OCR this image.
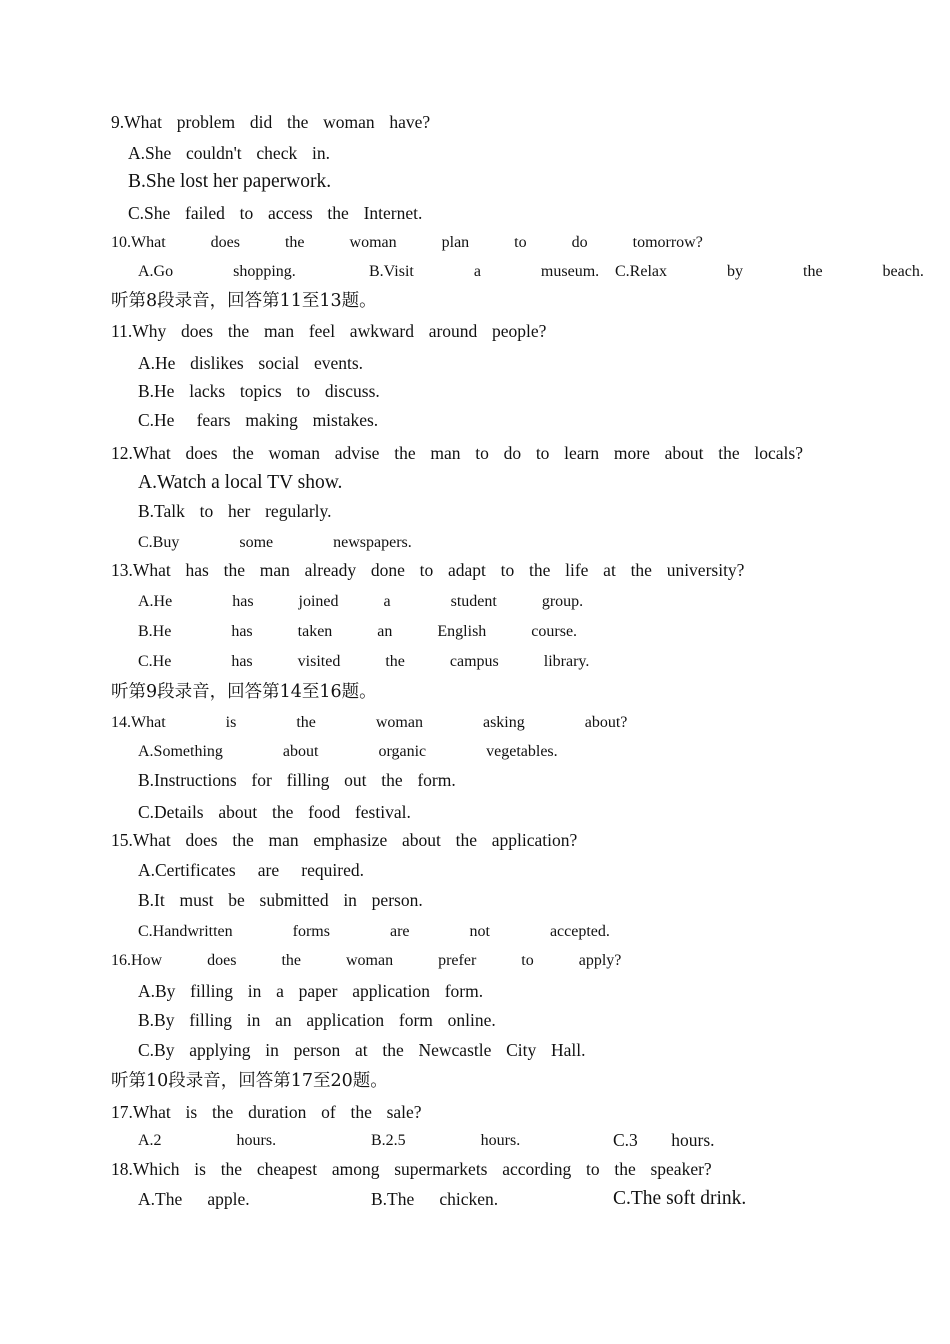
9.What  problem  did  the  woman  have?
A.She  couldn't  check  in.
B.She lost her paperwork.
C.She  failed  to  access  the  Internet.
10.What   does   the   woman   plan   to   do   tomorrow?
A.Go    shopping.	B.Visit    a    museum. C.Relax    by    the    beach.
听第8段录音，回答第11至13题。
11.Why  does  the  man  feel  awkward  around  people?
A.He  dislikes  social  events.
B.He  lacks  topics  to  discuss.
C.He   fears  making  mistakes.
12.What  does  the  woman  advise  the  man  to  do  to  learn  more  about  the  locals?
A.Watch a local TV show.
B.Talk  to  her  regularly.
C.Buy    some    newspapers.
13.What  has  the  man  already  done  to  adapt  to  the  life  at  the  university?
A.He    has   joined   a    student   group.
B.He    has   taken   an   English   course.
C.He    has   visited   the   campus   library.
听第9段录音，回答第14至16题。
14.What    is    the    woman    asking    about?
A.Something    about    organic    vegetables.
B.Instructions  for  filling  out  the  form.
C.Details  about  the  food  festival.
15.What  does  the  man  emphasize  about  the  application?
A.Certificates   are   required.
B.It  must  be  submitted  in  person.
C.Handwritten    forms    are    not    accepted.
16.How   does   the   woman   prefer   to   apply?
A.By  filling  in  a  paper  application  form.
B.By  filling  in  an  application  form  online.
C.By  applying  in  person  at  the  Newcastle  City  Hall.
听第10段录音，回答第17至20题。
17.What  is  the  duration  of  the  sale?
A.2     hours.	B.2.5     hours.	C.3    hours.
18.Which  is  the  cheapest  among  supermarkets  according  to  the  speaker?
A.The   apple.	B.The   chicken.	C.The soft drink.
